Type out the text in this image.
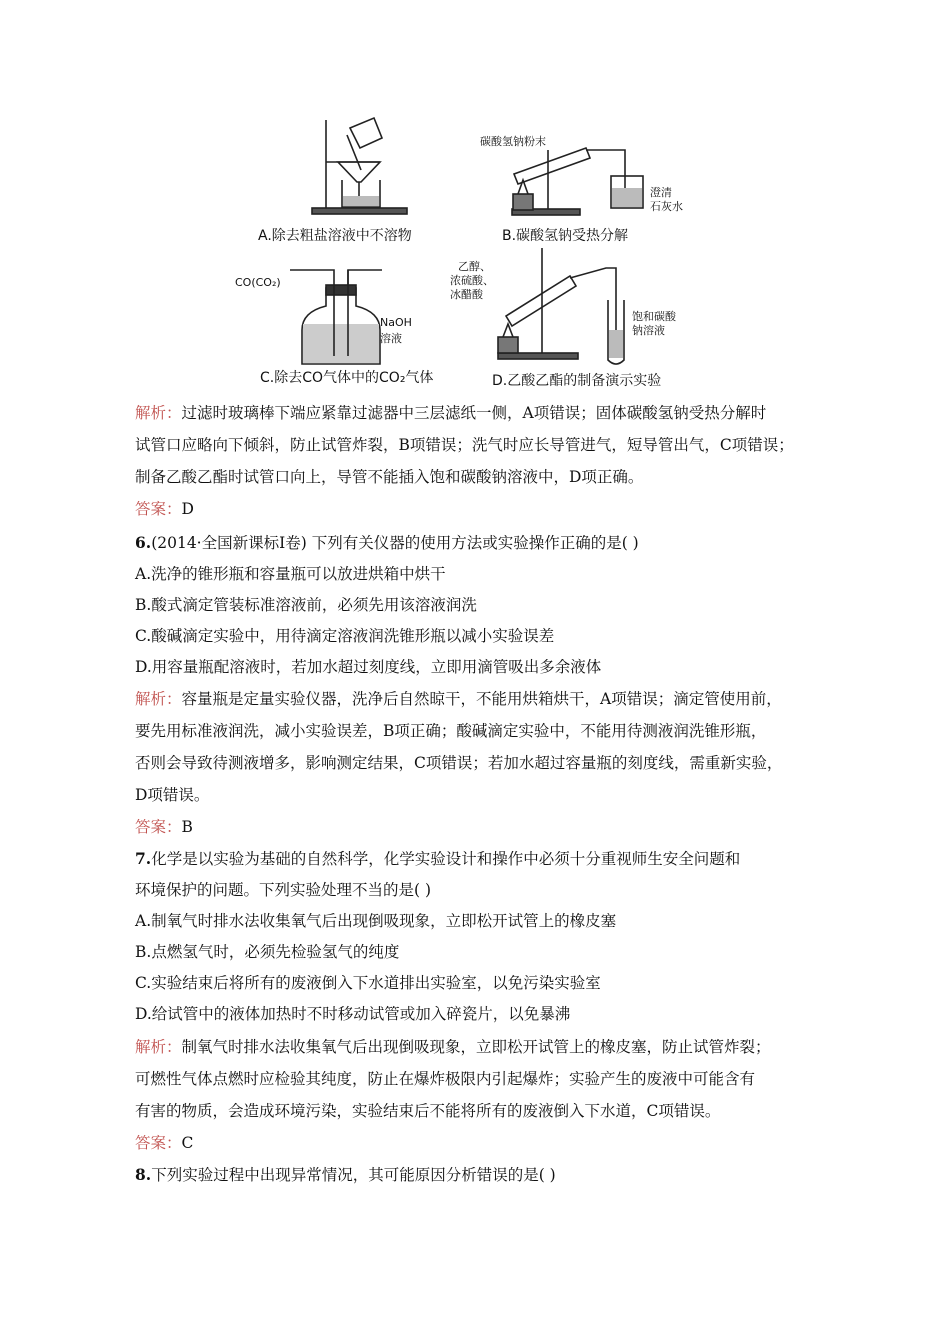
碳酸氢钠粉末
澄清
石灰水
CO(CO₂)
NaOH
溶液
乙醇、
浓硫酸、
冰醋酸
饱和碳酸
钠溶液
A.除去粗盐溶液中不溶物	B.碳酸氢钠受热分解
C.除去CO气体中的CO₂气体	D.乙酸乙酯的制备演示实验
解析：过滤时玻璃棒下端应紧靠过滤器中三层滤纸一侧，A项错误；固体碳酸氢钠受热分解时
试管口应略向下倾斜，防止试管炸裂，B项错误；洗气时应长导管进气，短导管出气，C项错误；
制备乙酸乙酯时试管口向上，导管不能插入饱和碳酸钠溶液中，D项正确。
答案：D
6.(2014·全国新课标Ⅰ卷) 下列有关仪器的使用方法或实验操作正确的是( )
A.洗净的锥形瓶和容量瓶可以放进烘箱中烘干
B.酸式滴定管装标准溶液前，必须先用该溶液润洗
C.酸碱滴定实验中，用待滴定溶液润洗锥形瓶以减小实验误差
D.用容量瓶配溶液时，若加水超过刻度线，立即用滴管吸出多余液体
解析：容量瓶是定量实验仪器，洗净后自然晾干，不能用烘箱烘干，A项错误；滴定管使用前，
要先用标准液润洗，减小实验误差，B项正确；酸碱滴定实验中，不能用待测液润洗锥形瓶，
否则会导致待测液增多，影响测定结果，C项错误；若加水超过容量瓶的刻度线，需重新实验，
D项错误。
答案：B
7.化学是以实验为基础的自然科学，化学实验设计和操作中必须十分重视师生安全问题和
环境保护的问题。下列实验处理不当的是( )
A.制氧气时排水法收集氧气后出现倒吸现象，立即松开试管上的橡皮塞
B.点燃氢气时，必须先检验氢气的纯度
C.实验结束后将所有的废液倒入下水道排出实验室，以免污染实验室
D.给试管中的液体加热时不时移动试管或加入碎瓷片，以免暴沸
解析：制氧气时排水法收集氧气后出现倒吸现象，立即松开试管上的橡皮塞，防止试管炸裂；
可燃性气体点燃时应检验其纯度，防止在爆炸极限内引起爆炸；实验产生的废液中可能含有
有害的物质，会造成环境污染，实验结束后不能将所有的废液倒入下水道，C项错误。
答案：C
8.下列实验过程中出现异常情况，其可能原因分析错误的是( )
